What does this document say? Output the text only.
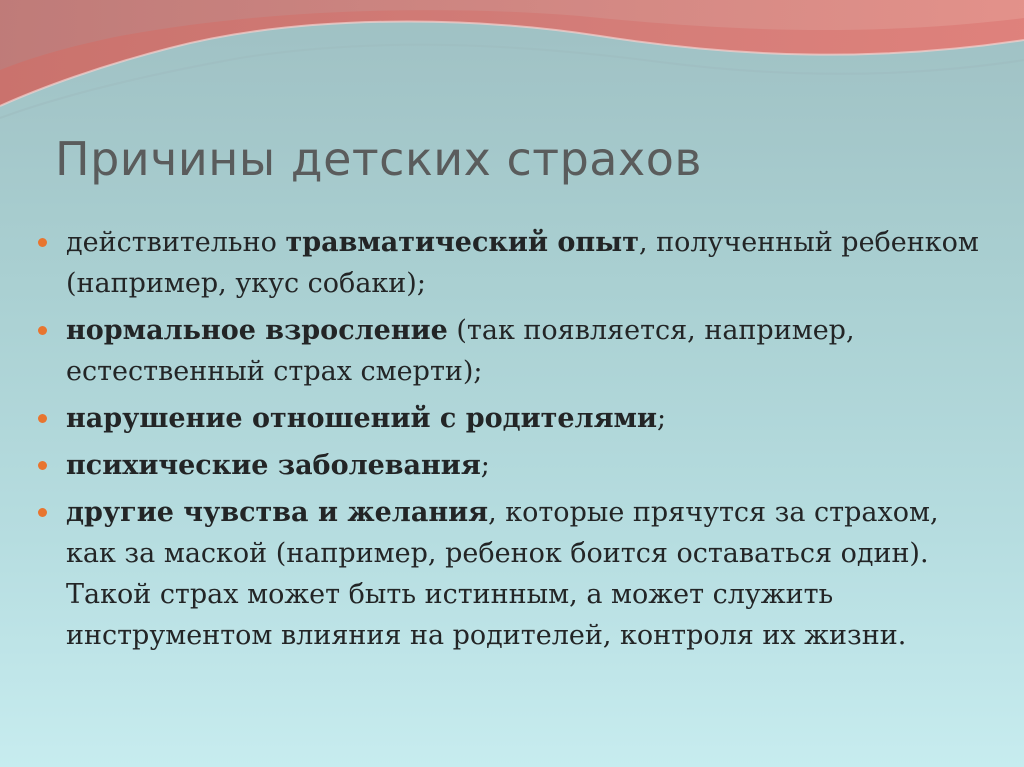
Причины детских страхов
действительно травматический опыт, полученный ребенком (например, укус собаки);
нормальное взросление (так появляется, например, естественный страх смерти);
нарушение отношений с родителями;
психические заболевания;
другие чувства и желания, которые прячутся за страхом, как за маской (например, ребенок боится оставаться один). Такой страх может быть истинным, а может служить инструментом влияния на родителей, контроля их жизни.
